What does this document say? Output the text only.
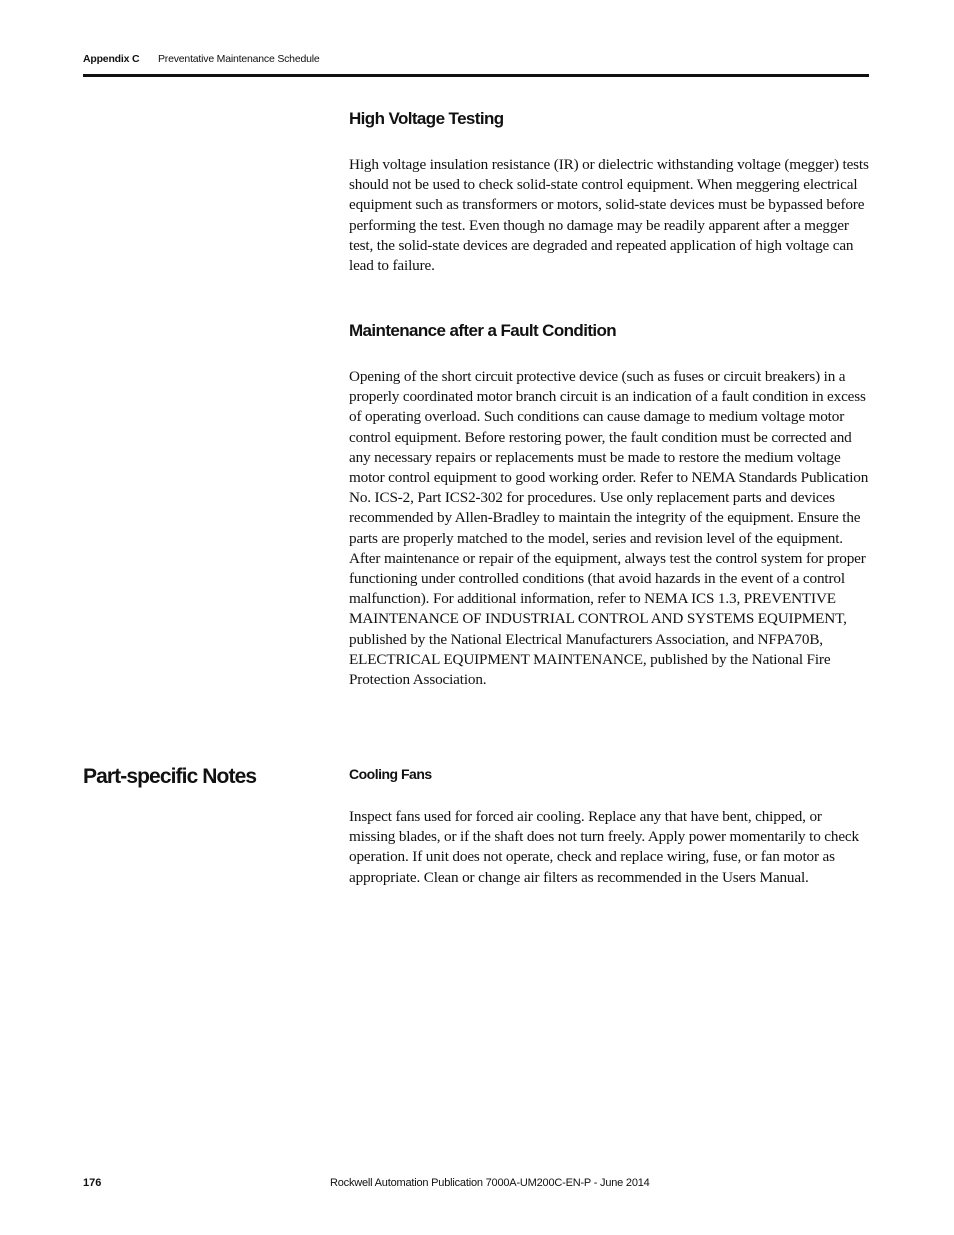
Appendix C Preventative Maintenance Schedule
High Voltage Testing

High voltage insulation resistance (IR) or dielectric withstanding voltage (megger) tests should not be used to check solid-state control equipment. When meggering electrical equipment such as transformers or motors, solid-state devices must be bypassed before performing the test. Even though no damage may be readily apparent after a megger test, the solid-state devices are degraded and repeated application of high voltage can lead to failure.

Maintenance after a Fault Condition

Opening of the short circuit protective device (such as fuses or circuit breakers) in a properly coordinated motor branch circuit is an indication of a fault condition in excess of operating overload. Such conditions can cause damage to medium voltage motor control equipment. Before restoring power, the fault condition must be corrected and any necessary repairs or replacements must be made to restore the medium voltage motor control equipment to good working order. Refer to NEMA Standards Publication No. ICS-2, Part ICS2-302 for procedures. Use only replacement parts and devices recommended by Allen-Bradley to maintain the integrity of the equipment. Ensure the parts are properly matched to the model, series and revision level of the equipment. After maintenance or repair of the equipment, always test the control system for proper functioning under controlled conditions (that avoid hazards in the event of a control malfunction). For additional information, refer to NEMA ICS 1.3, PREVENTIVE MAINTENANCE OF INDUSTRIAL CONTROL AND SYSTEMS EQUIPMENT, published by the National Electrical Manufacturers Association, and NFPA70B, ELECTRICAL EQUIPMENT MAINTENANCE, published by the National Fire Protection Association.

Part-specific Notes	Cooling Fans

Inspect fans used for forced air cooling. Replace any that have bent, chipped, or missing blades, or if the shaft does not turn freely. Apply power momentarily to check operation. If unit does not operate, check and replace wiring, fuse, or fan motor as appropriate. Clean or change air filters as recommended in the Users Manual.

176	Rockwell Automation Publication 7000A-UM200C-EN-P - June 2014
